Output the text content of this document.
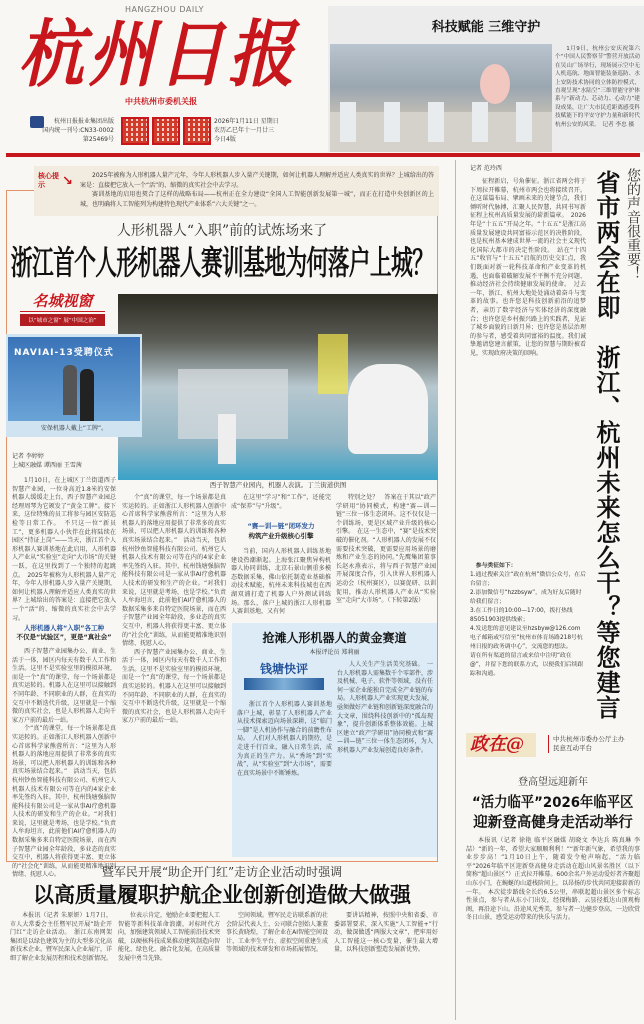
HANGZHOU DAILY
杭州日报
中共杭州市委机关报
杭州日报报业集团出版
国内统一刊号:CN33-0002
第25469号
2026年1月11日 星期日
农历乙巳年十一月廿三
今日4版
科技赋能 三维守护

1月9日，杭州公安庆祝第六个“中国人民警察节”警营开放活动在吴山广场举行，现场展示空中无人机巡航、地面智能装备巡防、水上安防技术协同的立体防控模式，直观呈现“水陆空”三维智能守护体系与“新动力、芯动力、心动力”建设成果，让广大市民近距离感受科技赋能下的平安守护力量和新时代杭州公安的风采。　记者 李忠 摄

核心提示	↘	2025年被称为人形机器人量产元年，今年人形机器人步入量产关键期，如何让机器人理解并适应人类真实的世界？上城给出的答案是：直接把它放入一个“活”的、缩微的真实社会中去学习。

赛训基地的启用也契合了这样的战略布局——杭州正在全力建设“全国人工智能创新发展第一城”，而正在打造中央创新区的上城，也明确将人工智能列为构建特色现代产业体系“六大关键”之一。

人形机器人“入职”前的试炼场来了
浙江首个人形机器人赛训基地为何落户上城？
名城视窗
以“城市之窗” 展“中国之治”
西子智慧产业园内，机器人表演。丁兰街道供图
NAVIAI-13受聘仪式
安保机器人戴上“工牌”。
记者 李婷婷
上城区融媒 谭西丽 王雪茜

1月10日，在上城区丁兰街道西子智慧产业园，一位身高近1.8米的安保机器人缓缓走上台，西子智慧产业园总经理周琴为它颁发了“黄金工牌”。接下来，这位特殊的员工将参与园区安防巡检等日常工作。　不只这一位“新员工”，更多机器人小伙伴在此将陆续在园区“持证上岗”——当天，浙江首个人形机器人赛训基地在此启用，人形机器人产业从“实验室”走向“大市场”的关键一跃，在这里找到了一个独特的起跳点。　2025年被称为人形机器人量产元年，今年人形机器人步入量产关键期，如何让机器人理解并适应人类真实的世界？上城给出的答案是：直接把它放入一个“活”的、缩微的真实社会中去学习。

人形机器人将“入职”各工种
不仅是“试验区”，更是“真社会”

西子智慧产业园集办公、商业、生活于一体，园区内每天有数千人工作和生活。这里不是实验室里的模拟环境，而是一个“真”的课堂，每一个场景都是真实运转的。机器人在这里可以接触到不同年龄、不同职业的人群，在真实的交互中不断迭代升级，这里就是一个缩微的真实社会，也是人形机器人走向千家万户前的最后一站。

个“真”的课堂，每一个场景都是真实运转的。正如浙江人形机器人创新中心首席科学家熊蓉所言：“这里为人形机器人的落地应用提供了非常多的真实场景，可以把人形机器人的训练和各种真实场景结合起来。”　活动当天，包括杭州钞鱼智能科技有限公司、杭州它人机器人技术有限公司等在内的4家企业率先签约入驻。其中，杭州钱塘强脑智能科技有限公司是一家从事AI疗愈机器人技术的研发和生产的企业。“对我们来说，这里就是考场，也是学校。”负责人牟海坦言，此前他们AI疗愈机器人的数据采集多来自特定医院场景，而在西子智慧产业园全年龄段、多业态的真实交互中，机器人将获得更丰富、更立体的“社会化”训练，从而能更精准地识别情绪、抚慰人心。

个“真”的课堂，每一个场景都是真实运转的。正如浙江人形机器人创新中心首席科学家熊蓉所言：“这里为人形机器人的落地应用提供了非常多的真实场景，可以把人形机器人的训练和各种真实场景结合起来。”　活动当天，包括杭州钞鱼智能科技有限公司、杭州它人机器人技术有限公司等在内的4家企业率先签约入驻。其中，杭州钱塘强脑智能科技有限公司是一家从事AI疗愈机器人技术的研发和生产的企业。“对我们来说，这里就是考场，也是学校。”负责人牟海坦言，此前他们AI疗愈机器人的数据采集多来自特定医院场景，而在西子智慧产业园全年龄段、多业态的真实交互中，机器人将获得更丰富、更立体的“社会化”训练，从而能更精准地识别情绪、抚慰人心。

西子智慧产业园集办公、商业、生活于一体，园区内每天有数千人工作和生活。这里不是实验室里的模拟环境，而是一个“真”的课堂，每一个场景都是真实运转的。机器人在这里可以接触到不同年龄、不同职业的人群，在真实的交互中不断迭代升级，这里就是一个缩微的真实社会，也是人形机器人走向千家万户前的最后一站。

在这里“学习”和“工作”，还能完成“保养”与“升级”。

“赛—训—链”闭环发力
构筑产业升级核心引擎

当前，国内人形机器人训练基地建设热潮渐起。上海张江聚焦异构机器人协同训练，北京石景山侧重多模态数据采集，佛山依托制造业基础推动技术赋能，杭州未来科技城也在西湖双浦打造了机器人户外测试训练场。那么，落户上城的浙江人形机器人赛训基地，又有何

特别之处？　答案在于其以“政产学研用”协同模式，构建“赛—训—链”三位一体生态闭环。这不仅仅是一个训练场，更是区域产业升级的核心引擎。　在这一生态中，“赛”是技术突破的催化剂。“人形机器人的发展不仅需要技术突破，更需要应用场景的磨炼和产业生态的协同。”先鹰集团董事长赵永燕表示，将与西子智慧产业园开展深度合作，引入世界人形机器人运动会（杭州赛区），以赛促研、以训促用，推动人形机器人产业从“实验室”走向“大市场”。（下转第2版）

抢滩人形机器人的黄金赛道
本报评论员 郑莉丽
钱塘快评

浙江首个人形机器人赛训基地落户上城，彰显了人形机器人产业从技术探索迈向场景深耕，这“临门一脚”是人机协作与融合的前瞻性布局。　人们对人形机器人的期待，是走进千行百业，融入日常生活，成为真正的生产力。从“秀场”到“实战”，从“实验室”到“大市场”，需要在真实场景中不断锤炼。

人人关生产生活美究基础。　一台人形机器人需集数千个零部件，涉及机械、电子、软件等领域，没有任何一家企业能独自完成全产业链的布局。人形机器人产业实现更大发展，亟须做好产业链和创新链深度融合的大文章，围绕科技创新中的“孤岛现象”，提升创新体系整体效能。上城区建立“政产学研用”协同模式和“赛—训—链”三位一体生态闭环，为人形机器人产业发展创造良好条件。

记者 范玲西

征程新启，号角催征。浙江省两会将于下周拉开帷幕，杭州市两会也将接续召开。在这谋篇布局、擘画未来的关键节点，我们倾听时代脉搏，汇聚人民智慧，共同书写新征程上杭州高质量发展的崭新篇章。　2026年是“十五五”开局之年。“十五五”是浙江高质量发展建设共同富裕示范区的决胜阶段，也是杭州基本建成世界一流的社会主义现代化国际大都市的决定性阶段。　站在“十四五”收官与“十五五”启航的历史交汇点，我们既面对新一轮科技革命和产业变革的机遇，也面临着破解发展不平衡不充分问题、推动经济社会持续健康发展的使命。　过去一年，浙江、杭州大地处处涌动着奋斗与变革的故事。也许您是科技创新前沿的追梦者，亲历了数字经济与实体经济的深度融合；也许您是乡村振兴路上的实践者，见证了城乡面貌的日新月异；也许您是基层治理的参与者，感受着共同富裕的温度。我们诚挚邀请您建言献策，让您的智慧与期盼被看见，实现政府决策的回响。

您的声音很重要！
省市两会在即　浙江、杭州未来怎么干？等您建言
参与类征如下：
1.通过搜索关注“政在杭州”微信公众号，在后台留言；
2.添加微信号“hzzbsyw”，成为好友后随时给我们留言；
3.在工作日的10:00—17:00，拨打热线85051903提供线索；
4.发送您的意见建议至hzsbyw@126.com电子邮箱或写信至“杭州市体育场路218号杭州日报的政务调中心”，交流您的想法。
请在所有渠道的留言或来信中注明“政在@”，并留下您的联系方式，以便我们后续跟踪和沟通。
政在@	中共杭州市委办公厅主办
民意互动平台
登高望远迎新年
“活力临平”2026年临平区
迎新登高健身走活动举行

本报讯（记者 徐艳 临平区融媒 胡晓文 李达兵 陈真琳 李喆）“新的一年，希望大家顺顺利利！”“新年新气象，希望我的事业步步高！”1月10日上午，随着发令枪声响起，“活力临平”2026年临平区迎新登高健身走活动在超山风景名胜区（以下简称“超山景区”）正式拉开帷幕。600余名户外运动爱好者齐聚超山东小门，在蜿蜒的山道栈阶间上，以昂扬的步伐共同迎接崭新的一年。　本次徒步路线全长约6.5公里，串联起超山景区多个标志性景点，参与者从东小门出发，经探梅路、云昙径抵达山顶观梅阁，再沿途下山。沿途风光秀美，参与者一边健步登高，一边欣赏冬日山景，感受运动带来的快乐与活力。

暨军民开展“助企开门红”走访企业活动时强调
以高质量履职护航企业创新创造做大做强

本报讯（记者 朱原妍）1月7日，市人大常委会主任暨军民开展“助企开门红”走访企业活动。　浙江东南网架集团是以绿色建筑为主的大型多元化高新技术企业。暨军民深入企业展厅，详细了解企业发展历程和技术创新情况。

位表示肯定，勉励企业要把握人工智能等新科技革命浪潮，对标时代方向，加强建筑领域人工智能前沿技术突破，以硬核科技成果推动建筑制造向智能化、绿色化、融合化发展，在高质量发展中勇当先锋。

空间领域。暨军民走访联系新的社会阶层代表人士、公司联合创始人兼董事长黄晓煌，了解企业在AI智能空间设计、工业孪生平台、虚拟空间重建生成等领域的技术研发和市场拓展情况。

要讲话精神，按照中央和省委、市委部署要求，深入实施“人工智能+”行动，做深做透“两服大文章”，把牢用好人工智能这一核心变量，催生最大增量，以科技创新塑造发展新优势。
